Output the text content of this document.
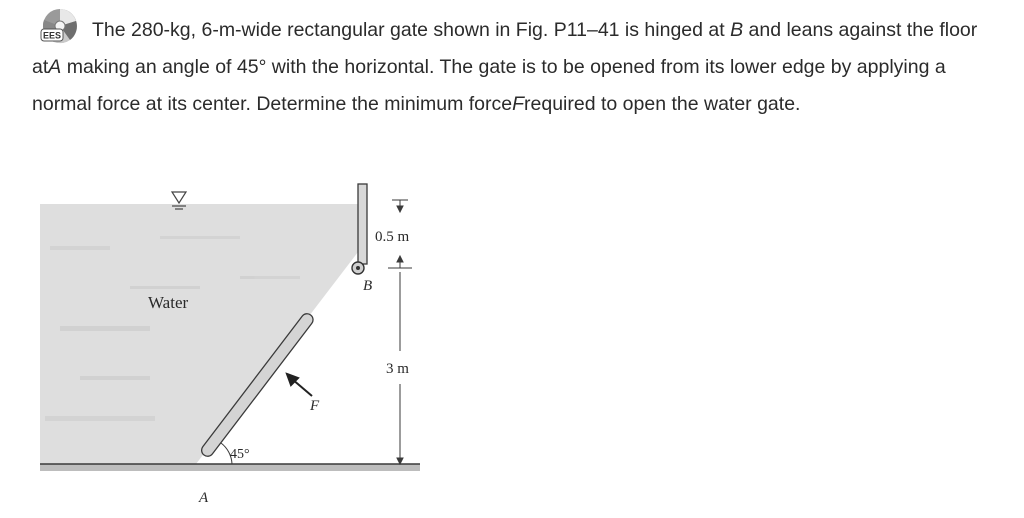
EES	The 280-kg, 6-m-wide rectangular gate shown in Fig. P11–41 is hinged at B and leans against the floor atA making an angle of 45° with the horizontal. The gate is to be opened from its lower edge by applying a normal force at its center. Determine the minimum forceFrequired to open the water gate.
Water
B
45°
F
0.5 m
3 m
A
